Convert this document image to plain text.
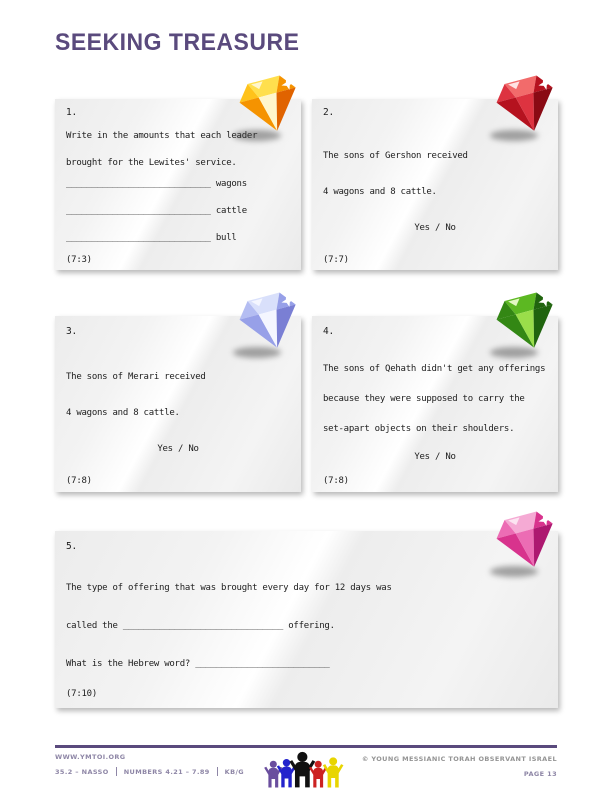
SEEKING TREASURE
1.
Write in the amounts that each leader
brought for the Lewites' service.
____________________________ wagons
____________________________ cattle
____________________________ bull
(7:3)
2.
The sons of Gershon received
4 wagons and 8 cattle.
Yes / No
(7:7)
3.
The sons of Merari received
4 wagons and 8 cattle.
Yes / No
(7:8)
4.
The sons of Qehath didn't get any offerings
because they were supposed to carry the
set-apart objects on their shoulders.
Yes / No
(7:8)
5.
The type of offering that was brought every day for 12 days was
called the _______________________________ offering.
What is the Hebrew word? __________________________
(7:10)
WWW.YMTOI.ORG
35.2 – NASSO NUMBERS 4.21 – 7.89 KB/G
© YOUNG MESSIANIC TORAH OBSERVANT ISRAEL
PAGE 13
